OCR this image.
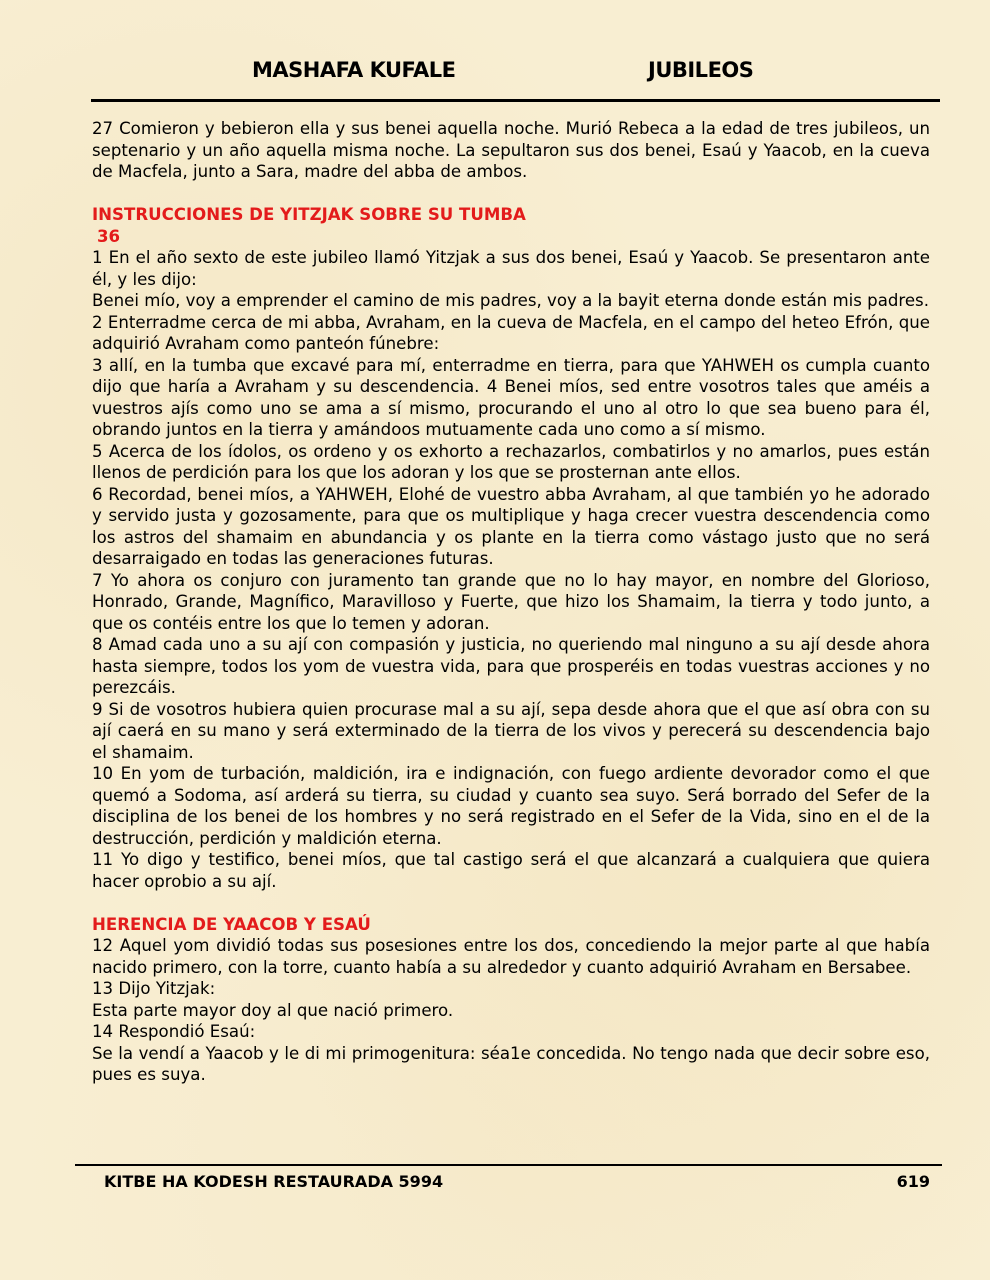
MASHAFA KUFALE	JUBILEOS

27 Comieron y bebieron ella y sus benei aquella noche. Murió Rebeca a la edad de tres jubileos, un septenario y un año aquella misma noche. La sepultaron sus dos benei, Esaú y Yaacob, en la cueva de Macfela, junto a Sara, madre del abba de ambos.

INSTRUCCIONES DE YITZJAK SOBRE SU TUMBA

36

1 En el año sexto de este jubileo llamó Yitzjak a sus dos benei, Esaú y Yaacob. Se presentaron ante él, y les dijo:

Benei mío, voy a emprender el camino de mis padres, voy a la bayit eterna donde están mis padres.

2 Enterradme cerca de mi abba, Avraham, en la cueva de Macfela, en el campo del heteo Efrón, que adquirió Avraham como panteón fúnebre:

3 allí, en la tumba que excavé para mí, enterradme en tierra, para que YAHWEH os cumpla cuanto dijo que haría a Avraham y su descendencia. 4 Benei míos, sed entre vosotros tales que améis a vuestros ajís como uno se ama a sí mismo, procurando el uno al otro lo que sea bueno para él, obrando juntos en la tierra y amándoos mutuamente cada uno como a sí mismo.

5 Acerca de los ídolos, os ordeno y os exhorto a rechazarlos, combatirlos y no amarlos, pues están llenos de perdición para los que los adoran y los que se prosternan ante ellos.

6 Recordad, benei míos, a YAHWEH, Elohé de vuestro abba Avraham, al que también yo he adorado y servido justa y gozosamente, para que os multiplique y haga crecer vuestra descendencia como los astros del shamaim en abundancia y os plante en la tierra como vástago justo que no será desarraigado en todas las generaciones futuras.

7 Yo ahora os conjuro con juramento tan grande que no lo hay mayor, en nombre del Glorioso, Honrado, Grande, Magnífico, Maravilloso y Fuerte, que hizo los Shamaim, la tierra y todo junto, a que os contéis entre los que lo temen y adoran.

8 Amad cada uno a su ají con compasión y justicia, no queriendo mal ninguno a su ají desde ahora hasta siempre, todos los yom de vuestra vida, para que prosperéis en todas vuestras acciones y no perezcáis.

9 Si de vosotros hubiera quien procurase mal a su ají, sepa desde ahora que el que así obra con su ají caerá en su mano y será exterminado de la tierra de los vivos y perecerá su descendencia bajo el shamaim.

10 En yom de turbación, maldición, ira e indignación, con fuego ardiente devorador como el que quemó a Sodoma, así arderá su tierra, su ciudad y cuanto sea suyo. Será borrado del Sefer de la disciplina de los benei de los hombres y no será registrado en el Sefer de la Vida, sino en el de la destrucción, perdición y maldición eterna.

11 Yo digo y testifico, benei míos, que tal castigo será el que alcanzará a cualquiera que quiera hacer oprobio a su ají.

HERENCIA DE YAACOB Y ESAÚ

12 Aquel yom dividió todas sus posesiones entre los dos, concediendo la mejor parte al que había nacido primero, con la torre, cuanto había a su alrededor y cuanto adquirió Avraham en Bersabee.

13 Dijo Yitzjak:

Esta parte mayor doy al que nació primero.

14 Respondió Esaú:

Se la vendí a Yaacob y le di mi primogenitura: séa1e concedida. No tengo nada que decir sobre eso, pues es suya.

KITBE HA KODESH RESTAURADA 5994	619
